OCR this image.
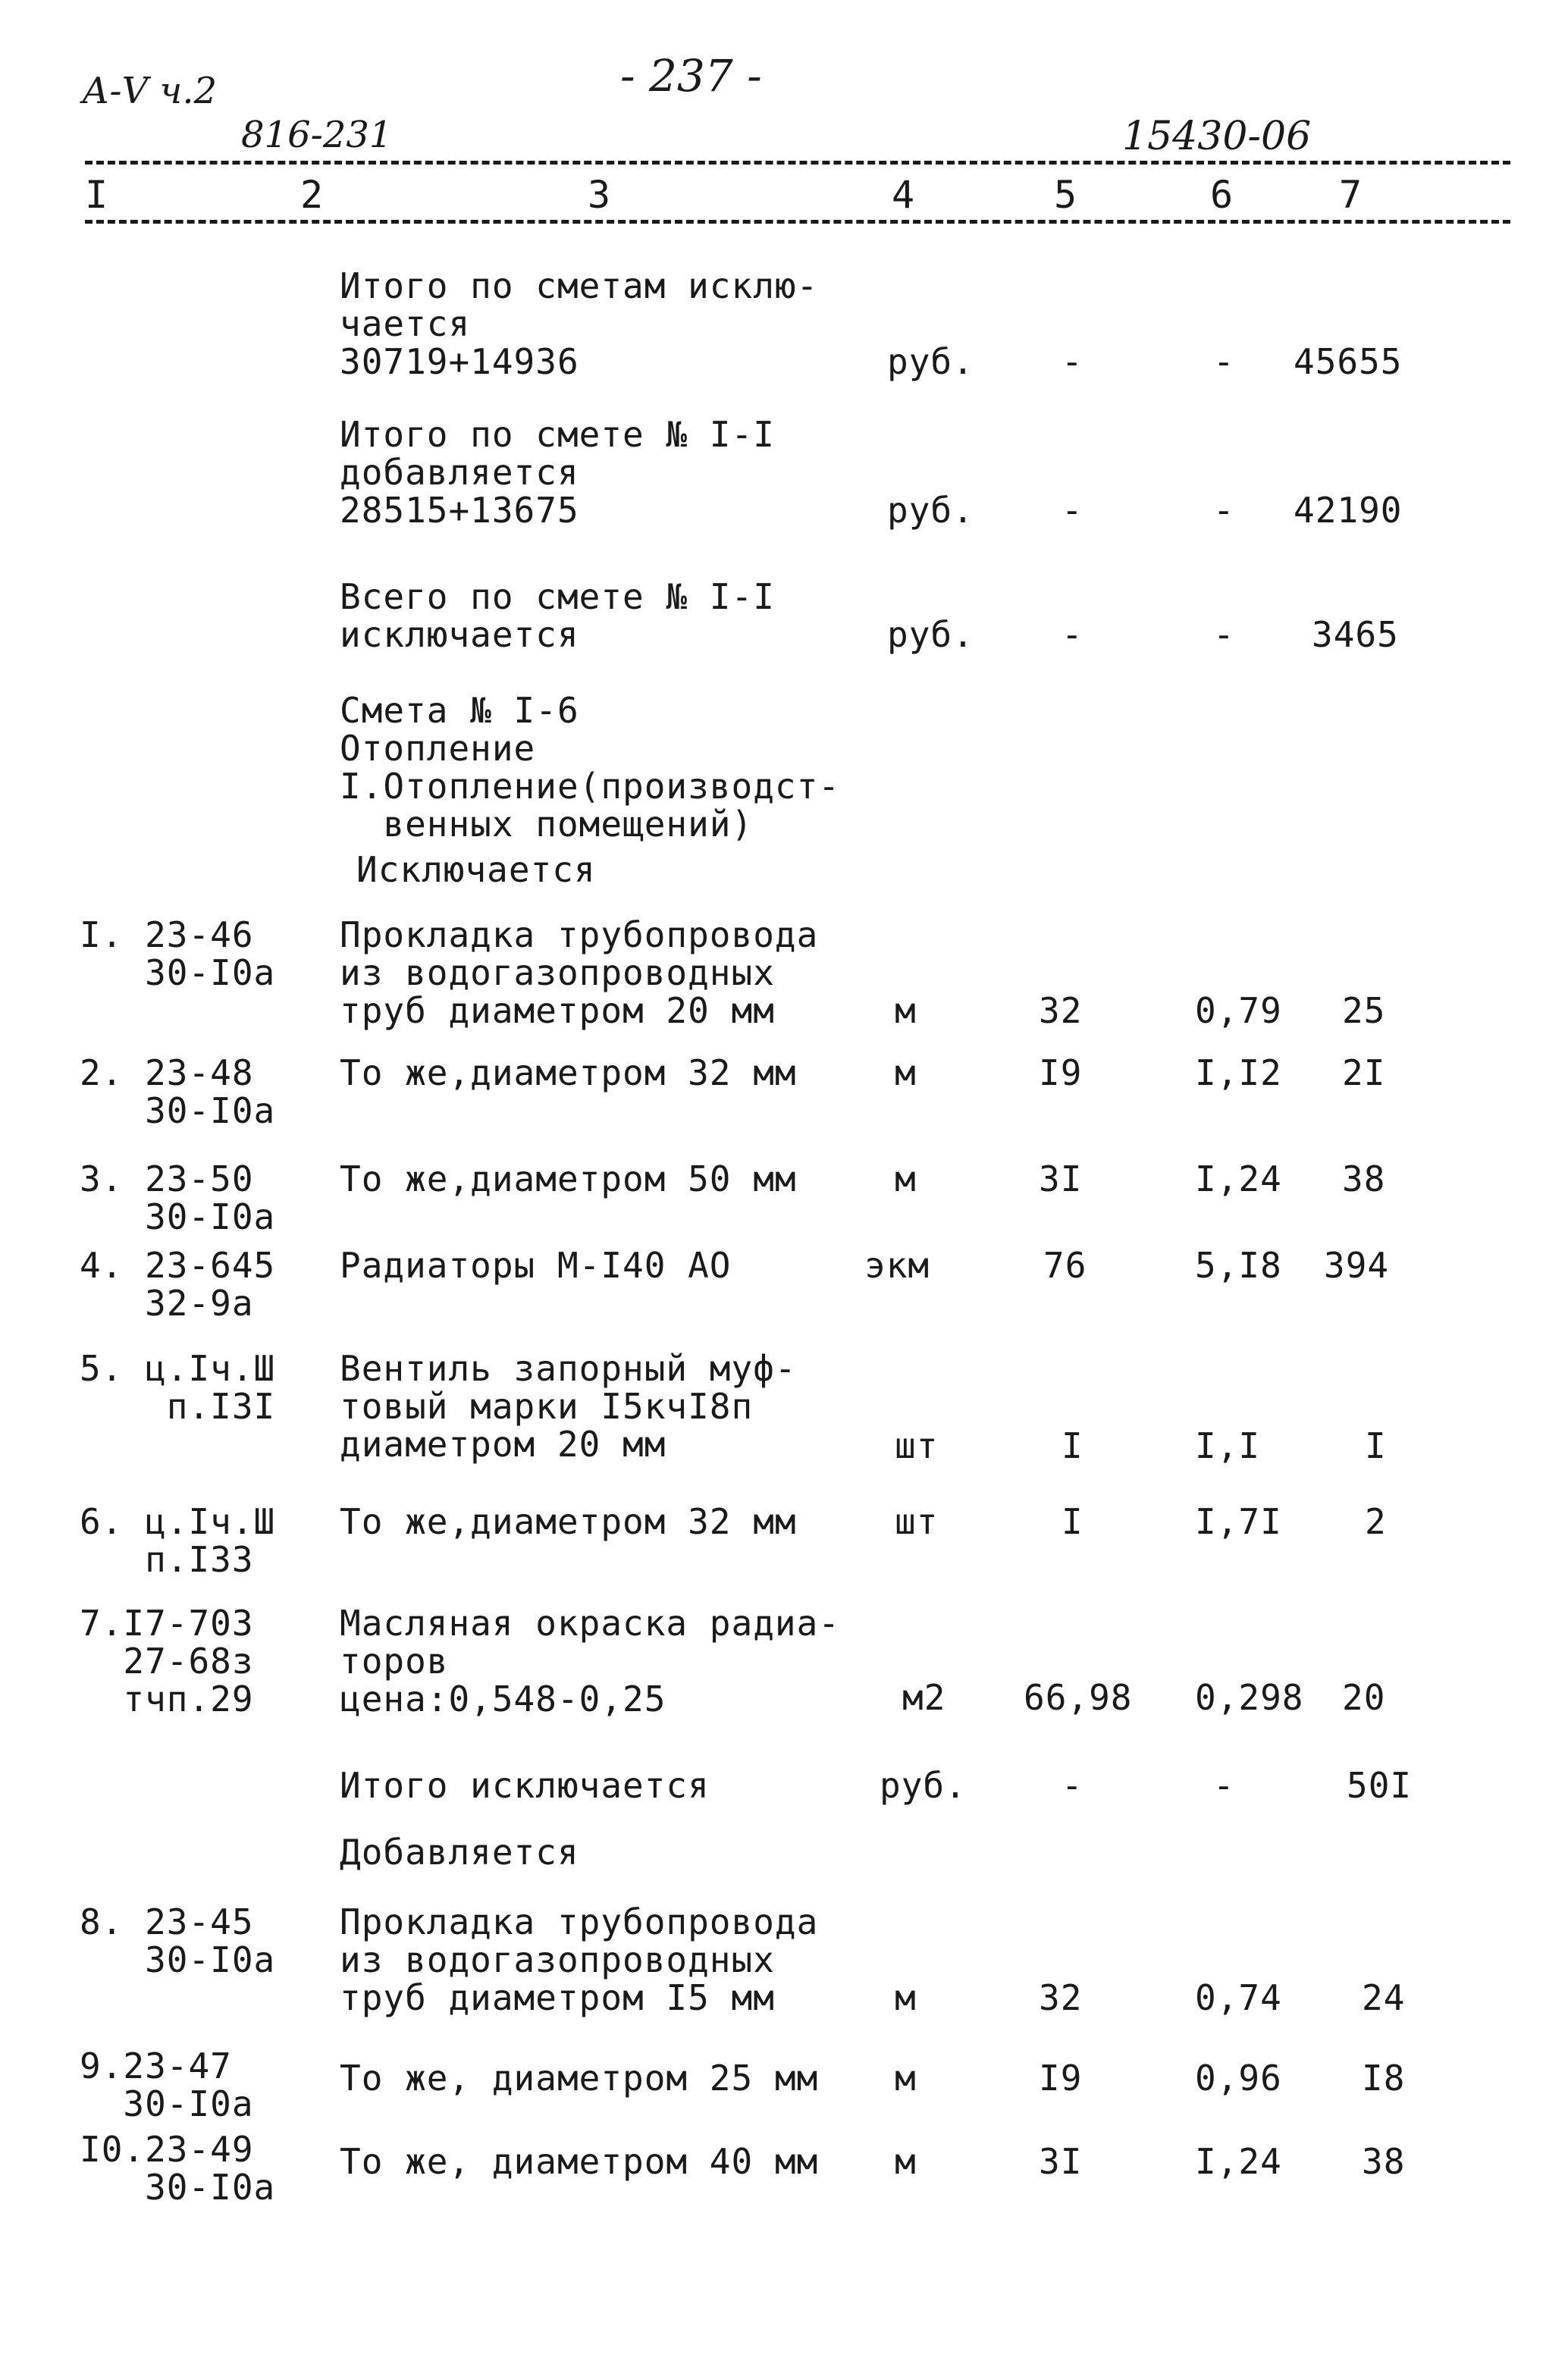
А-V ч.2	- 237 -
816-231	15430-06
I	2	3	4	5	6	7
Итого по сметам исклю-
чается
30719+14936	руб.	-	- 45655
Итого по смете № I-I
добавляется
28515+13675	руб.	-	- 42190
Всего по смете № I-I
исключается	руб.	-	- 3465
Смета № I-6
Отопление
I.Отопление(производст-
венных помещений)
Исключается
I. 23-46
30-I0a
Прокладка трубопровода
из водогазопроводных
труб диаметром 20 мм	м	32	0,79 25
2. 23-48
30-I0a
То же,диаметром 32 мм	м	I9	I,I2 2I
3. 23-50
30-I0a
То же,диаметром 50 мм	м	3I	I,24 38
4. 23-645
32-9a
Радиаторы М-I40 АО	экм	76	5,I8 394
5. ц.Iч.Ш
п.I3I
Вентиль запорный муф-
товый марки I5кчI8п
диаметром 20 мм	шт	I	I,I	I
6. ц.Iч.Ш
п.I33
То же,диаметром 32 мм	шт	I	I,7I 2
7.I7-703
27-68з
тчп.29
Масляная окраска радиа-
торов
цена:0,548-0,25	м2 66,98 0,298 20
Итого исключается	руб.	-	-	50I
Добавляется
8. 23-45
30-I0a
Прокладка трубопровода
из водогазопроводных
труб диаметром I5 мм	м	32	0,74 24
9.23-47
30-I0a
То же, диаметром 25 мм м	I9	0,96 I8
I0.23-49
30-I0a
То же, диаметром 40 мм м	3I	I,24 38
